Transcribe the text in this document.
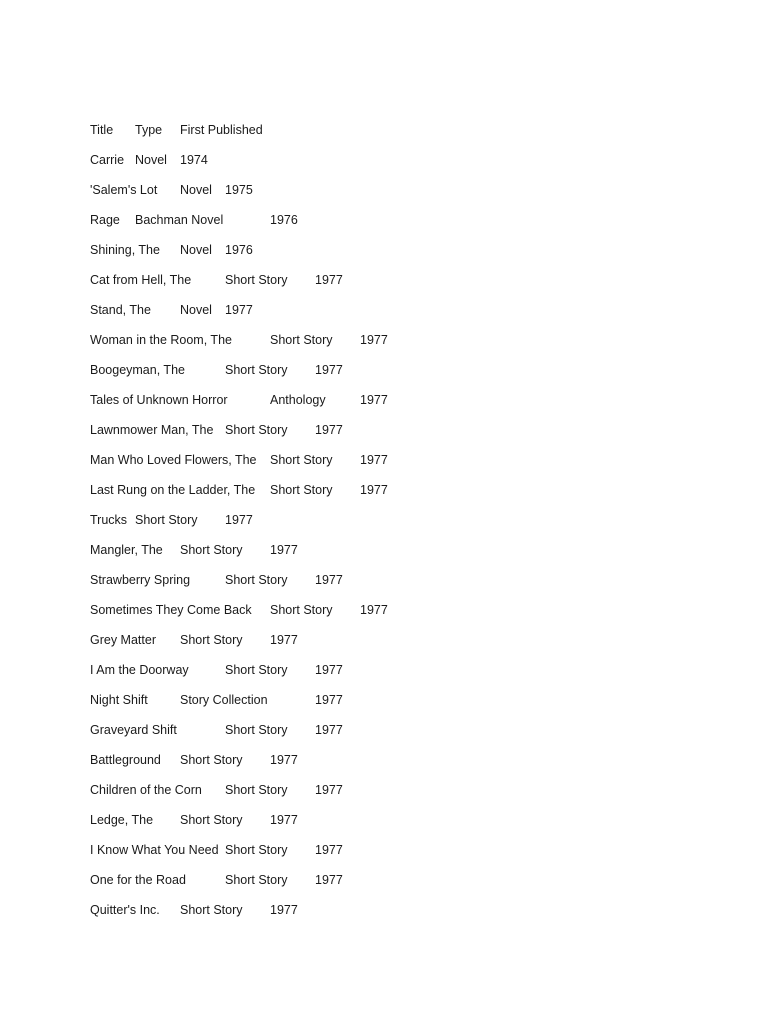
Title Type First Published
Carrie Novel 1974
'Salem's Lot Novel 1975
Rage Bachman Novel	1976
Shining, The Novel 1976
Cat from Hell, The	Short Story 1977
Stand, The Novel 1977
Woman in the Room, The	Short Story 1977
Boogeyman, The	Short Story 1977
Tales of Unknown Horror	Anthology	1977
Lawnmower Man, The Short Story 1977
Man Who Loved Flowers, The Short Story 1977
Last Rung on the Ladder, The Short Story 1977
Trucks Short Story 1977
Mangler, The Short Story 1977
Strawberry Spring	Short Story 1977
Sometimes They Come Back Short Story 1977
Grey Matter Short Story 1977
I Am the Doorway	Short Story 1977
Night Shift	Story Collection	1977
Graveyard Shift	Short Story 1977
Battleground Short Story 1977
Children of the Corn Short Story 1977
Ledge, The Short Story 1977
I Know What You Need Short Story 1977
One for the Road	Short Story 1977
Quitter's Inc. Short Story 1977
